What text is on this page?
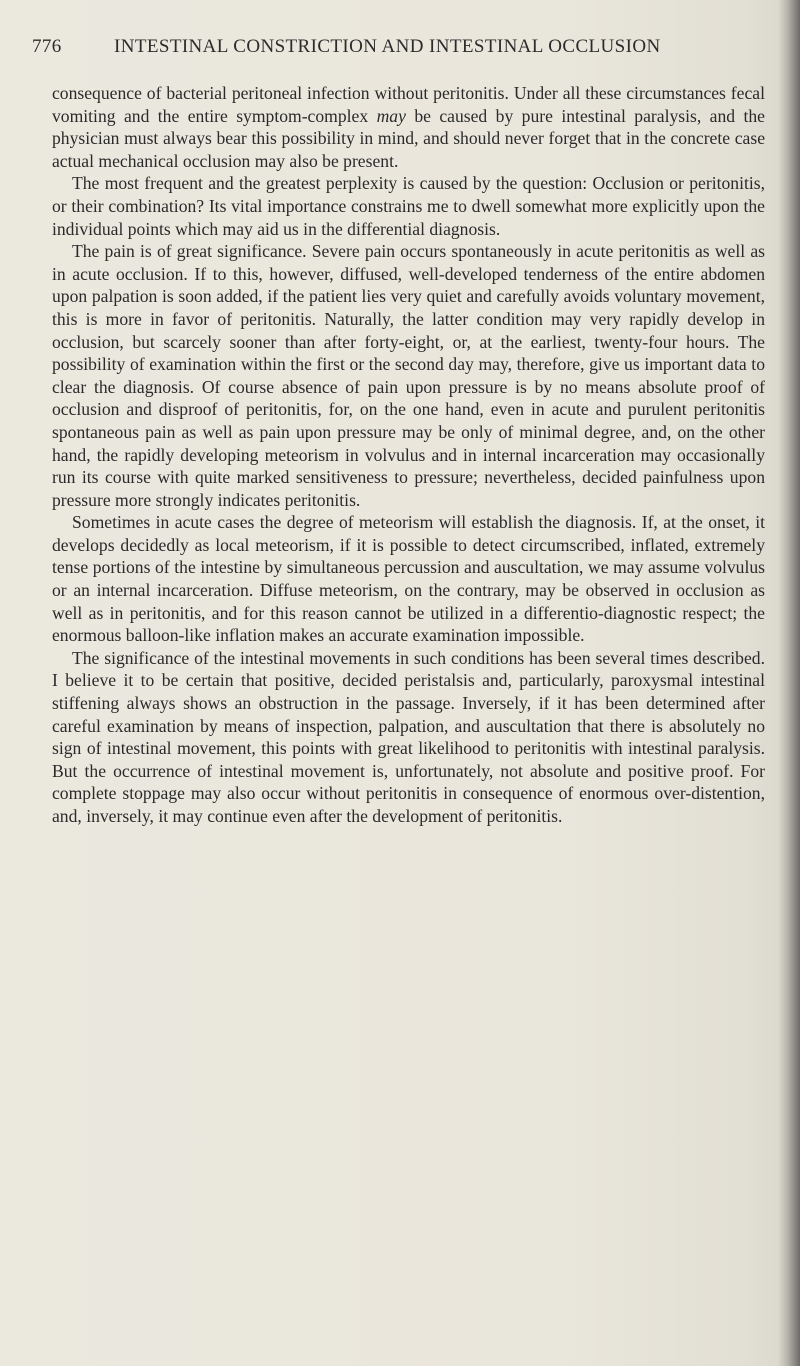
776	INTESTINAL CONSTRICTION AND INTESTINAL OCCLUSION

consequence of bacterial peritoneal infection without peritonitis. Under all these circumstances fecal vomiting and the entire symptom-complex may be caused by pure intestinal paralysis, and the physician must always bear this possibility in mind, and should never forget that in the concrete case actual mechanical occlusion may also be present.

The most frequent and the greatest perplexity is caused by the question: Occlusion or peritonitis, or their combination? Its vital importance constrains me to dwell somewhat more explicitly upon the individual points which may aid us in the differential diagnosis.

The pain is of great significance. Severe pain occurs spontaneously in acute peritonitis as well as in acute occlusion. If to this, however, diffused, well-developed tenderness of the entire abdomen upon palpation is soon added, if the patient lies very quiet and carefully avoids voluntary movement, this is more in favor of peritonitis. Naturally, the latter condition may very rapidly develop in occlusion, but scarcely sooner than after forty-eight, or, at the earliest, twenty-four hours. The possibility of examination within the first or the second day may, therefore, give us important data to clear the diagnosis. Of course absence of pain upon pressure is by no means absolute proof of occlusion and disproof of peritonitis, for, on the one hand, even in acute and purulent peritonitis spontaneous pain as well as pain upon pressure may be only of minimal degree, and, on the other hand, the rapidly developing meteorism in volvulus and in internal incarceration may occasionally run its course with quite marked sensitiveness to pressure; nevertheless, decided painfulness upon pressure more strongly indicates peritonitis.

Sometimes in acute cases the degree of meteorism will establish the diagnosis. If, at the onset, it develops decidedly as local meteorism, if it is possible to detect circumscribed, inflated, extremely tense portions of the intestine by simultaneous percussion and auscultation, we may assume volvulus or an internal incarceration. Diffuse meteorism, on the contrary, may be observed in occlusion as well as in peritonitis, and for this reason cannot be utilized in a differentio-diagnostic respect; the enormous balloon-like inflation makes an accurate examination impossible.

The significance of the intestinal movements in such conditions has been several times described. I believe it to be certain that positive, decided peristalsis and, particularly, paroxysmal intestinal stiffening always shows an obstruction in the passage. Inversely, if it has been determined after careful examination by means of inspection, palpation, and auscultation that there is absolutely no sign of intestinal movement, this points with great likelihood to peritonitis with intestinal paralysis. But the occurrence of intestinal movement is, unfortunately, not absolute and positive proof. For complete stoppage may also occur without peritonitis in consequence of enormous over-distention, and, inversely, it may continue even after the development of peritonitis.
